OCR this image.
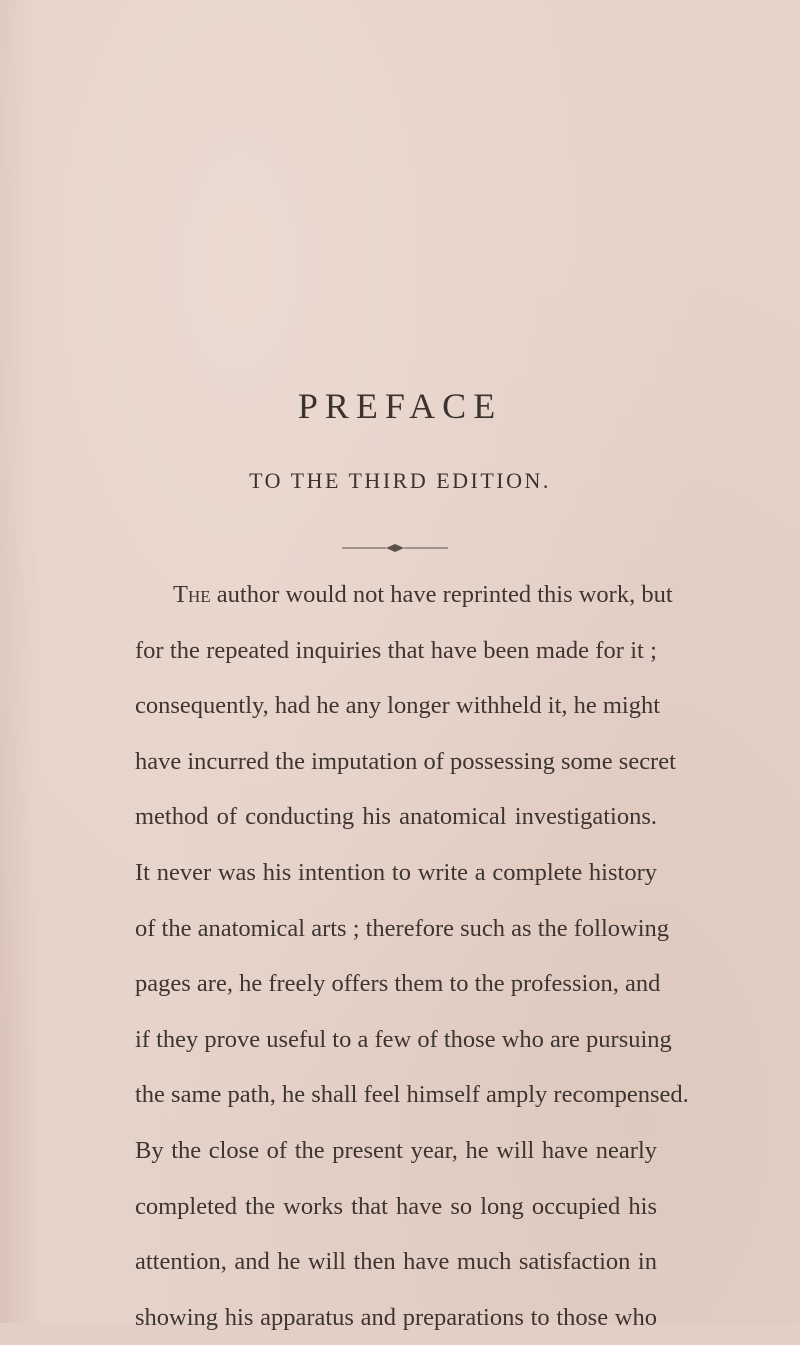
PREFACE
TO THE THIRD EDITION.
The author would not have reprinted this work, but
for the repeated inquiries that have been made for it ;
consequently, had he any longer withheld it, he might
have incurred the imputation of possessing some secret
method of conducting his anatomical investigations.
It never was his intention to write a complete history
of the anatomical arts ; therefore such as the following
pages are, he freely offers them to the profession, and
if they prove useful to a few of those who are pursuing
the same path, he shall feel himself amply recompensed.
By the close of the present year, he will have nearly
completed the works that have so long occupied his
attention, and he will then have much satisfaction in
showing his apparatus and preparations to those who
